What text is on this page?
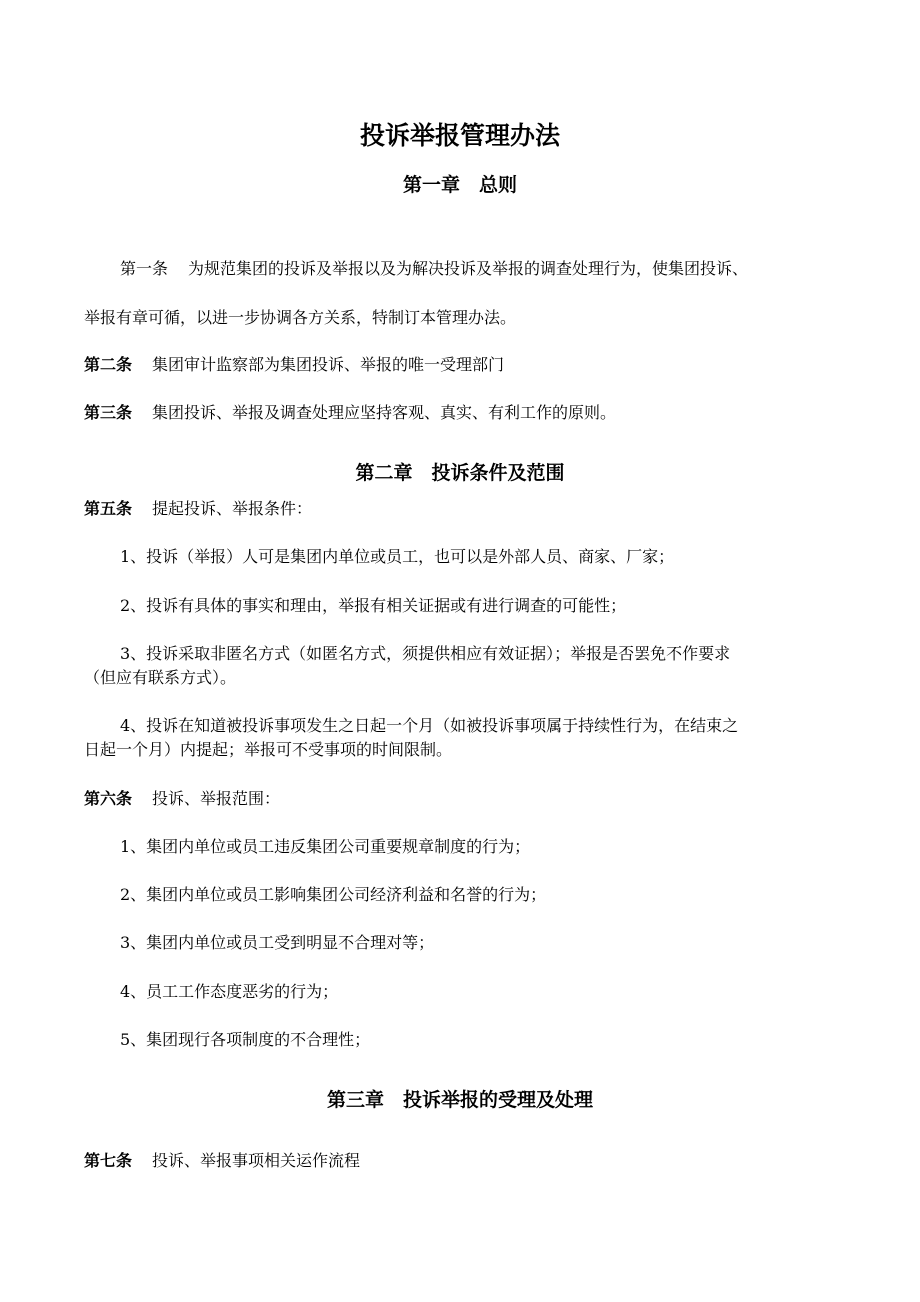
投诉举报管理办法
第一章　总则
第一条 为规范集团的投诉及举报以及为解决投诉及举报的调查处理行为，使集团投诉、
举报有章可循，以进一步协调各方关系，特制订本管理办法。
第二条 集团审计监察部为集团投诉、举报的唯一受理部门
第三条 集团投诉、举报及调查处理应坚持客观、真实、有利工作的原则。
第二章　投诉条件及范围
第五条 提起投诉、举报条件：
1、投诉（举报）人可是集团内单位或员工，也可以是外部人员、商家、厂家；
2、投诉有具体的事实和理由，举报有相关证据或有进行调查的可能性；
3、投诉采取非匿名方式（如匿名方式，须提供相应有效证据）；举报是否罢免不作要求
（但应有联系方式）。
4、投诉在知道被投诉事项发生之日起一个月（如被投诉事项属于持续性行为，在结束之
日起一个月）内提起；举报可不受事项的时间限制。
第六条 投诉、举报范围：
1、集团内单位或员工违反集团公司重要规章制度的行为；
2、集团内单位或员工影响集团公司经济利益和名誉的行为；
3、集团内单位或员工受到明显不合理对等；
4、员工工作态度恶劣的行为；
5、集团现行各项制度的不合理性；
第三章　投诉举报的受理及处理
第七条 投诉、举报事项相关运作流程
